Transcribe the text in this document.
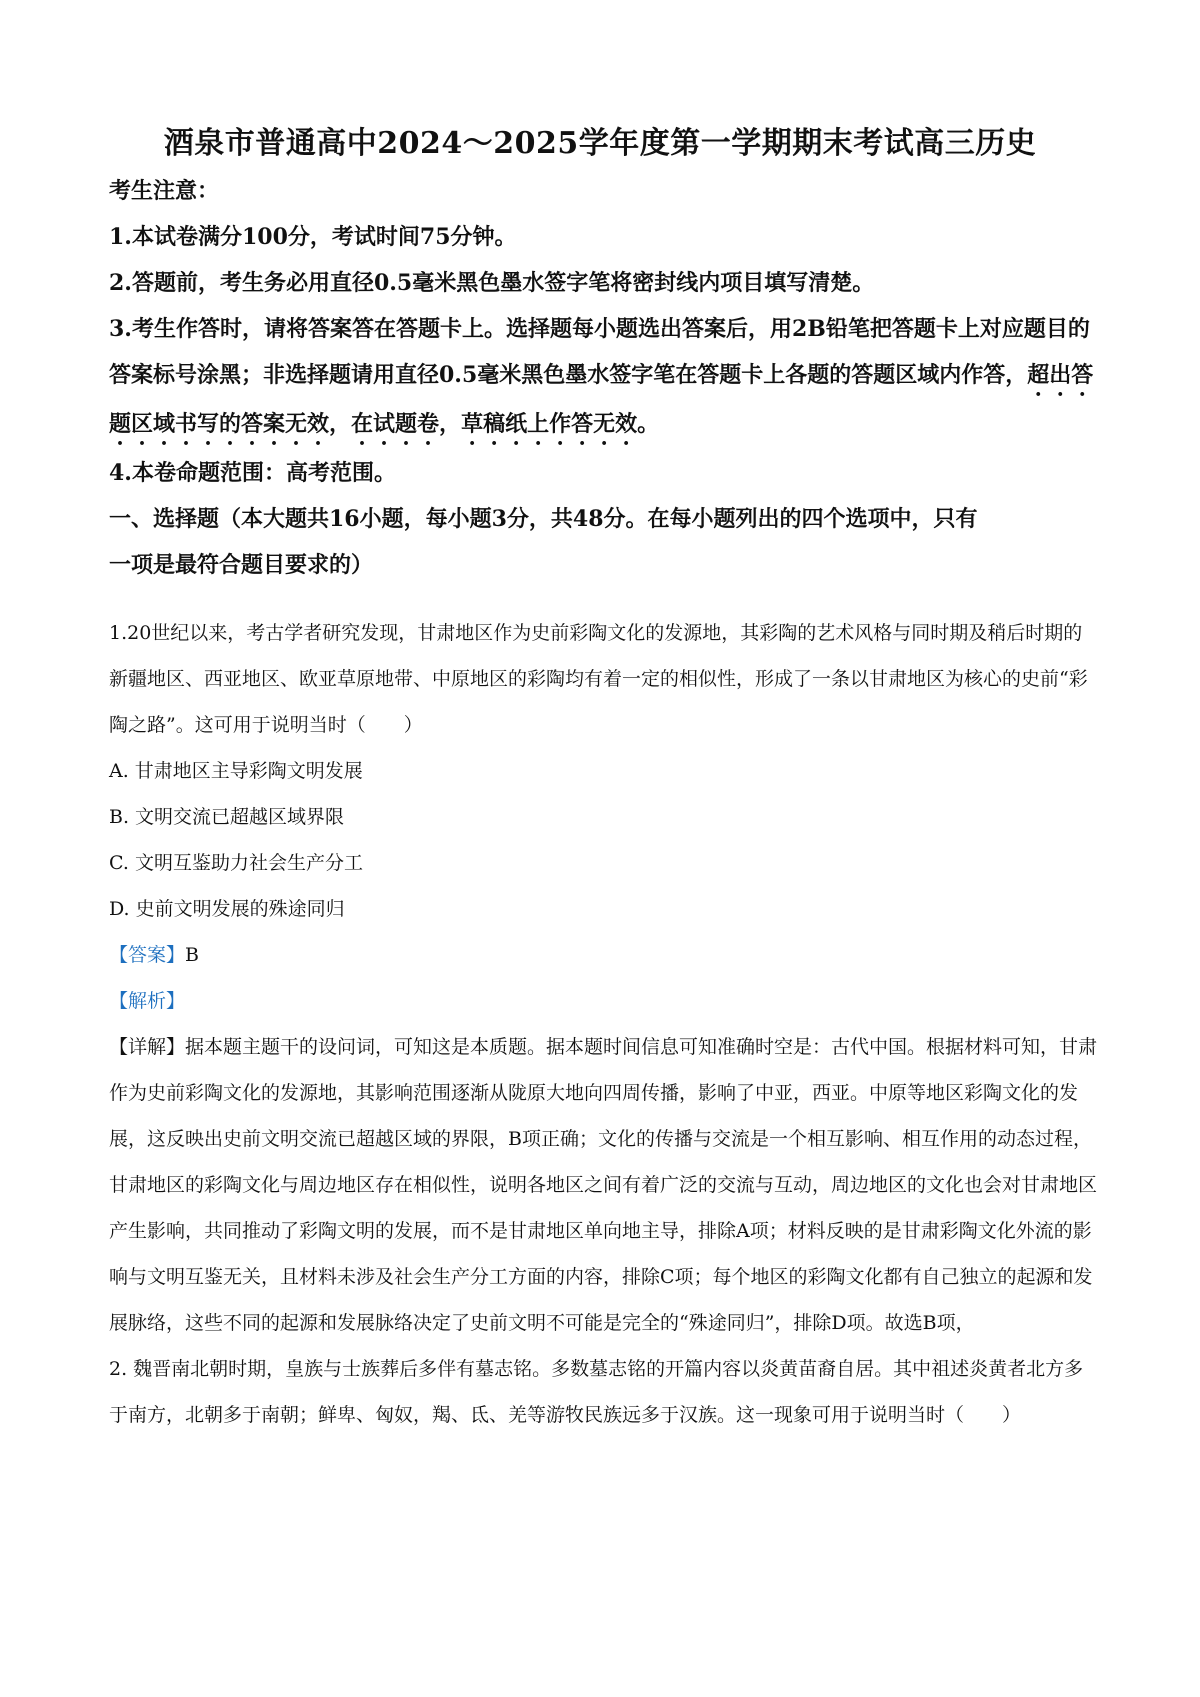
酒泉市普通高中2024～2025学年度第一学期期末考试高三历史

考生注意：

1.本试卷满分100分，考试时间75分钟。

2.答题前，考生务必用直径0.5毫米黑色墨水签字笔将密封线内项目填写清楚。

3.考生作答时，请将答案答在答题卡上。选择题每小题选出答案后，用2B铅笔把答题卡上对应题目的答案标号涂黑；非选择题请用直径0.5毫米黑色墨水签字笔在答题卡上各题的答题区域内作答，超出答题区域书写的答案无效，在试题卷，草稿纸上作答无效。

4.本卷命题范围：高考范围。

一、选择题（本大题共16小题，每小题3分，共48分。在每小题列出的四个选项中，只有

一项是最符合题目要求的）

1.20世纪以来，考古学者研究发现，甘肃地区作为史前彩陶文化的发源地，其彩陶的艺术风格与同时期及稍后时期的新疆地区、西亚地区、欧亚草原地带、中原地区的彩陶均有着一定的相似性，形成了一条以甘肃地区为核心的史前“彩陶之路”。这可用于说明当时（　　）

A. 甘肃地区主导彩陶文明发展

B. 文明交流已超越区域界限

C. 文明互鉴助力社会生产分工

D. 史前文明发展的殊途同归

【答案】B

【解析】

【详解】据本题主题干的设问词，可知这是本质题。据本题时间信息可知准确时空是：古代中国。根据材料可知，甘肃作为史前彩陶文化的发源地，其影响范围逐渐从陇原大地向四周传播，影响了中亚，西亚。中原等地区彩陶文化的发展，这反映出史前文明交流已超越区域的界限，B项正确；文化的传播与交流是一个相互影响、相互作用的动态过程，甘肃地区的彩陶文化与周边地区存在相似性，说明各地区之间有着广泛的交流与互动，周边地区的文化也会对甘肃地区产生影响，共同推动了彩陶文明的发展，而不是甘肃地区单向地主导，排除A项；材料反映的是甘肃彩陶文化外流的影响与文明互鉴无关，且材料未涉及社会生产分工方面的内容，排除C项；每个地区的彩陶文化都有自己独立的起源和发展脉络，这些不同的起源和发展脉络决定了史前文明不可能是完全的“殊途同归”，排除D项。故选B项，

2. 魏晋南北朝时期，皇族与士族葬后多伴有墓志铭。多数墓志铭的开篇内容以炎黄苗裔自居。其中祖述炎黄者北方多于南方，北朝多于南朝；鲜卑、匈奴，羯、氐、羌等游牧民族远多于汉族。这一现象可用于说明当时（　　）
